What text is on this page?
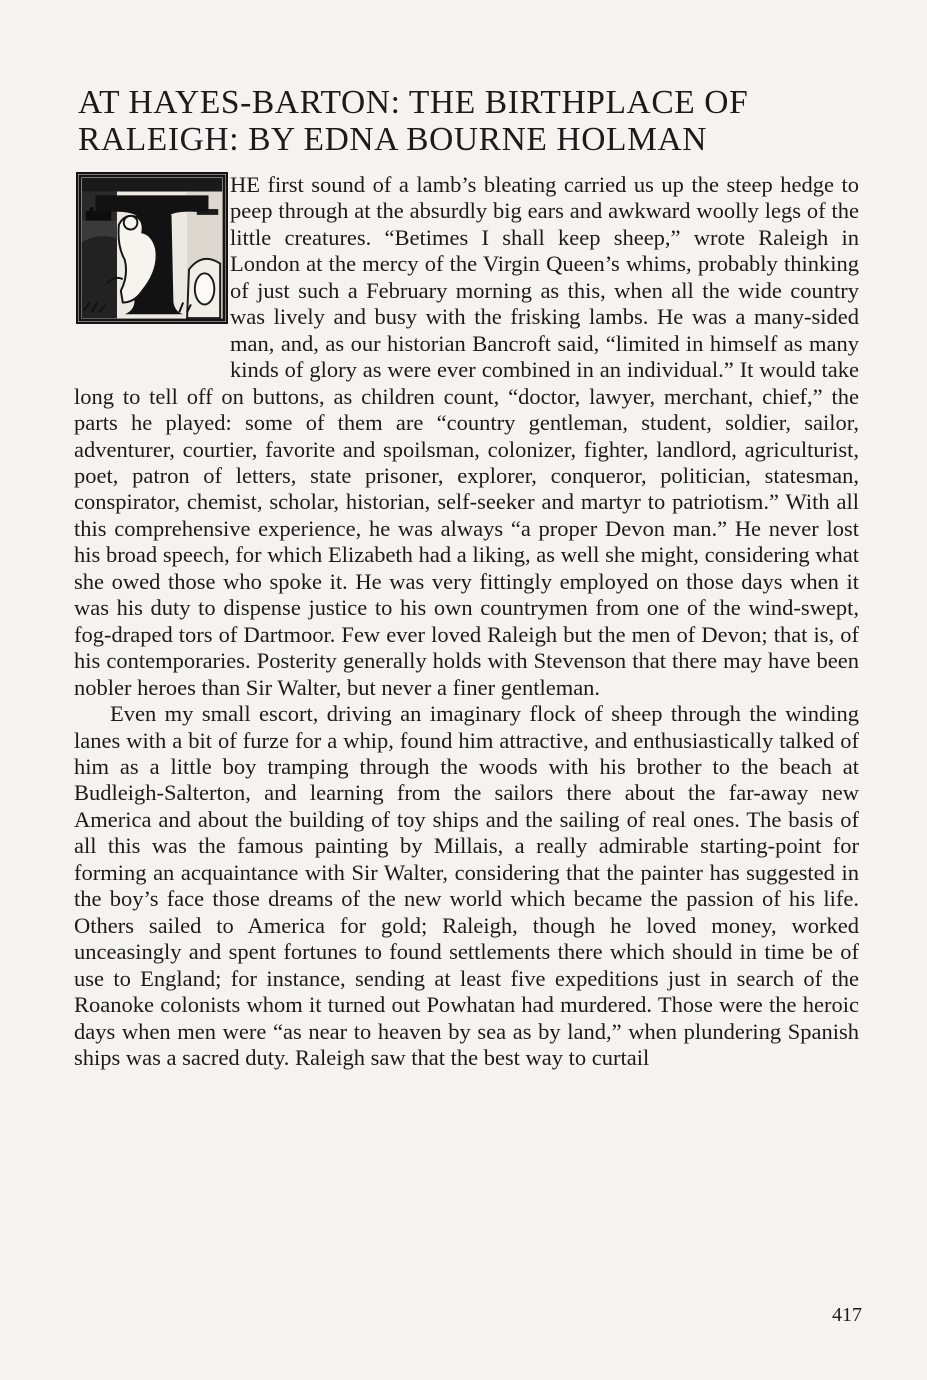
AT HAYES-BARTON: THE BIRTHPLACE OF RALEIGH: BY EDNA BOURNE HOLMAN

HE first sound of a lamb’s bleating carried us up the steep hedge to peep through at the absurdly big ears and awkward woolly legs of the little creatures. “Betimes I shall keep sheep,” wrote Raleigh in London at the mercy of the Virgin Queen’s whims, probably thinking of just such a February morning as this, when all the wide country was lively and busy with the frisking lambs. He was a many-sided man, and, as our historian Bancroft said, “limited in himself as many kinds of glory as were ever combined in an individual.” It would take long to tell off on buttons, as children count, “doctor, lawyer, merchant, chief,” the parts he played: some of them are “country gentleman, student, soldier, sailor, adventurer, courtier, favorite and spoilsman, colonizer, fighter, landlord, agriculturist, poet, patron of letters, state prisoner, explorer, conqueror, politician, statesman, conspirator, chemist, scholar, historian, self-seeker and martyr to patriotism.” With all this comprehensive experience, he was always “a proper Devon man.” He never lost his broad speech, for which Elizabeth had a liking, as well she might, considering what she owed those who spoke it. He was very fittingly employed on those days when it was his duty to dispense justice to his own countrymen from one of the wind-swept, fog-draped tors of Dartmoor. Few ever loved Raleigh but the men of Devon; that is, of his contemporaries. Posterity generally holds with Stevenson that there may have been nobler heroes than Sir Walter, but never a finer gentleman.

Even my small escort, driving an imaginary flock of sheep through the winding lanes with a bit of furze for a whip, found him attractive, and enthusiastically talked of him as a little boy tramping through the woods with his brother to the beach at Budleigh-Salterton, and learning from the sailors there about the far-away new America and about the building of toy ships and the sailing of real ones. The basis of all this was the famous painting by Millais, a really admirable starting-point for forming an acquaintance with Sir Walter, considering that the painter has suggested in the boy’s face those dreams of the new world which became the passion of his life. Others sailed to America for gold; Raleigh, though he loved money, worked unceasingly and spent fortunes to found settlements there which should in time be of use to England; for instance, sending at least five expeditions just in search of the Roanoke colonists whom it turned out Powhatan had murdered. Those were the heroic days when men were “as near to heaven by sea as by land,” when plundering Spanish ships was a sacred duty. Raleigh saw that the best way to curtail

417
